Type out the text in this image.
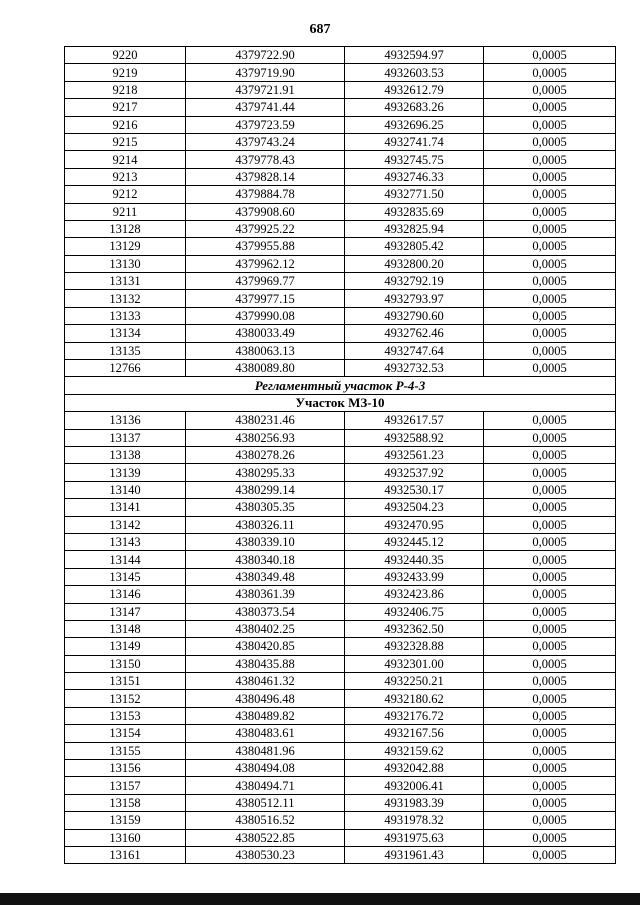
687
9220	4379722.90	4932594.97	0,0005
9219	4379719.90	4932603.53	0,0005
9218	4379721.91	4932612.79	0,0005
9217	4379741.44	4932683.26	0,0005
9216	4379723.59	4932696.25	0,0005
9215	4379743.24	4932741.74	0,0005
9214	4379778.43	4932745.75	0,0005
9213	4379828.14	4932746.33	0,0005
9212	4379884.78	4932771.50	0,0005
9211	4379908.60	4932835.69	0,0005
13128	4379925.22	4932825.94	0,0005
13129	4379955.88	4932805.42	0,0005
13130	4379962.12	4932800.20	0,0005
13131	4379969.77	4932792.19	0,0005
13132	4379977.15	4932793.97	0,0005
13133	4379990.08	4932790.60	0,0005
13134	4380033.49	4932762.46	0,0005
13135	4380063.13	4932747.64	0,0005
12766	4380089.80	4932732.53	0,0005
Регламентный участок Р-4-3			
Участок МЗ-10			
13136	4380231.46	4932617.57	0,0005
13137	4380256.93	4932588.92	0,0005
13138	4380278.26	4932561.23	0,0005
13139	4380295.33	4932537.92	0,0005
13140	4380299.14	4932530.17	0,0005
13141	4380305.35	4932504.23	0,0005
13142	4380326.11	4932470.95	0,0005
13143	4380339.10	4932445.12	0,0005
13144	4380340.18	4932440.35	0,0005
13145	4380349.48	4932433.99	0,0005
13146	4380361.39	4932423.86	0,0005
13147	4380373.54	4932406.75	0,0005
13148	4380402.25	4932362.50	0,0005
13149	4380420.85	4932328.88	0,0005
13150	4380435.88	4932301.00	0,0005
13151	4380461.32	4932250.21	0,0005
13152	4380496.48	4932180.62	0,0005
13153	4380489.82	4932176.72	0,0005
13154	4380483.61	4932167.56	0,0005
13155	4380481.96	4932159.62	0,0005
13156	4380494.08	4932042.88	0,0005
13157	4380494.71	4932006.41	0,0005
13158	4380512.11	4931983.39	0,0005
13159	4380516.52	4931978.32	0,0005
13160	4380522.85	4931975.63	0,0005
13161	4380530.23	4931961.43	0,0005
